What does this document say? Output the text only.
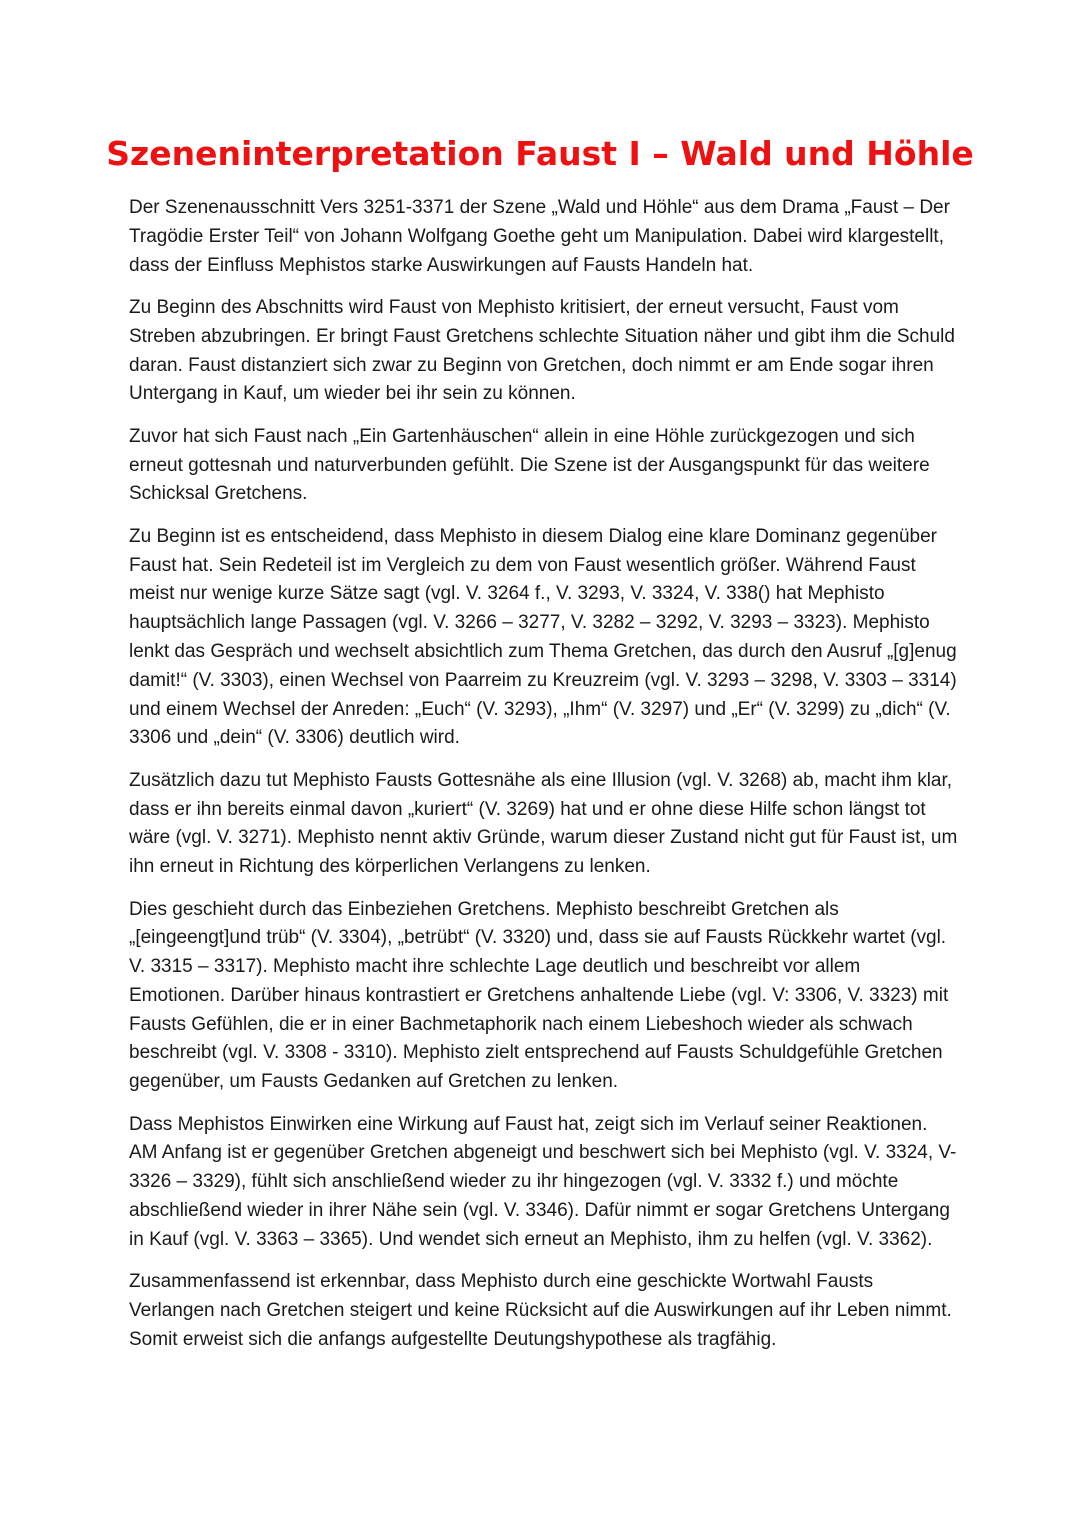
Szeneninterpretation Faust I – Wald und Höhle

Der Szenenausschnitt Vers 3251-3371 der Szene „Wald und Höhle“ aus dem Drama „Faust – Der Tragödie Erster Teil“ von Johann Wolfgang Goethe geht um Manipulation. Dabei wird klargestellt, dass der Einfluss Mephistos starke Auswirkungen auf Fausts Handeln hat.

Zu Beginn des Abschnitts wird Faust von Mephisto kritisiert, der erneut versucht, Faust vom Streben abzubringen. Er bringt Faust Gretchens schlechte Situation näher und gibt ihm die Schuld daran. Faust distanziert sich zwar zu Beginn von Gretchen, doch nimmt er am Ende sogar ihren Untergang in Kauf, um wieder bei ihr sein zu können.

Zuvor hat sich Faust nach „Ein Gartenhäuschen“ allein in eine Höhle zurückgezogen und sich erneut gottesnah und naturverbunden gefühlt. Die Szene ist der Ausgangspunkt für das weitere Schicksal Gretchens.

Zu Beginn ist es entscheidend, dass Mephisto in diesem Dialog eine klare Dominanz gegenüber Faust hat. Sein Redeteil ist im Vergleich zu dem von Faust wesentlich größer. Während Faust meist nur wenige kurze Sätze sagt (vgl. V. 3264 f., V. 3293, V. 3324, V. 338() hat Mephisto hauptsächlich lange Passagen (vgl. V. 3266 – 3277, V. 3282 – 3292, V. 3293 – 3323). Mephisto lenkt das Gespräch und wechselt absichtlich zum Thema Gretchen, das durch den Ausruf „[g]enug damit!“ (V. 3303), einen Wechsel von Paarreim zu Kreuzreim (vgl. V. 3293 – 3298, V. 3303 – 3314) und einem Wechsel der Anreden: „Euch“ (V. 3293), „Ihm“ (V. 3297) und „Er“ (V. 3299) zu „dich“ (V. 3306 und „dein“ (V. 3306) deutlich wird.

Zusätzlich dazu tut Mephisto Fausts Gottesnähe als eine Illusion (vgl. V. 3268) ab, macht ihm klar, dass er ihn bereits einmal davon „kuriert“ (V. 3269) hat und er ohne diese Hilfe schon längst tot wäre (vgl. V. 3271). Mephisto nennt aktiv Gründe, warum dieser Zustand nicht gut für Faust ist, um ihn erneut in Richtung des körperlichen Verlangens zu lenken.

Dies geschieht durch das Einbeziehen Gretchens. Mephisto beschreibt Gretchen als „[eingeengt]und trüb“ (V. 3304), „betrübt“ (V. 3320) und, dass sie auf Fausts Rückkehr wartet (vgl. V. 3315 – 3317). Mephisto macht ihre schlechte Lage deutlich und beschreibt vor allem Emotionen. Darüber hinaus kontrastiert er Gretchens anhaltende Liebe (vgl. V: 3306, V. 3323) mit Fausts Gefühlen, die er in einer Bachmetaphorik nach einem Liebeshoch wieder als schwach beschreibt (vgl. V. 3308 - 3310). Mephisto zielt entsprechend auf Fausts Schuldgefühle Gretchen gegenüber, um Fausts Gedanken auf Gretchen zu lenken.

Dass Mephistos Einwirken eine Wirkung auf Faust hat, zeigt sich im Verlauf seiner Reaktionen. AM Anfang ist er gegenüber Gretchen abgeneigt und beschwert sich bei Mephisto (vgl. V. 3324, V- 3326 – 3329), fühlt sich anschließend wieder zu ihr hingezogen (vgl. V. 3332 f.) und möchte abschließend wieder in ihrer Nähe sein (vgl. V. 3346). Dafür nimmt er sogar Gretchens Untergang in Kauf (vgl. V. 3363 – 3365). Und wendet sich erneut an Mephisto, ihm zu helfen (vgl. V. 3362).

Zusammenfassend ist erkennbar, dass Mephisto durch eine geschickte Wortwahl Fausts Verlangen nach Gretchen steigert und keine Rücksicht auf die Auswirkungen auf ihr Leben nimmt. Somit erweist sich die anfangs aufgestellte Deutungshypothese als tragfähig.
